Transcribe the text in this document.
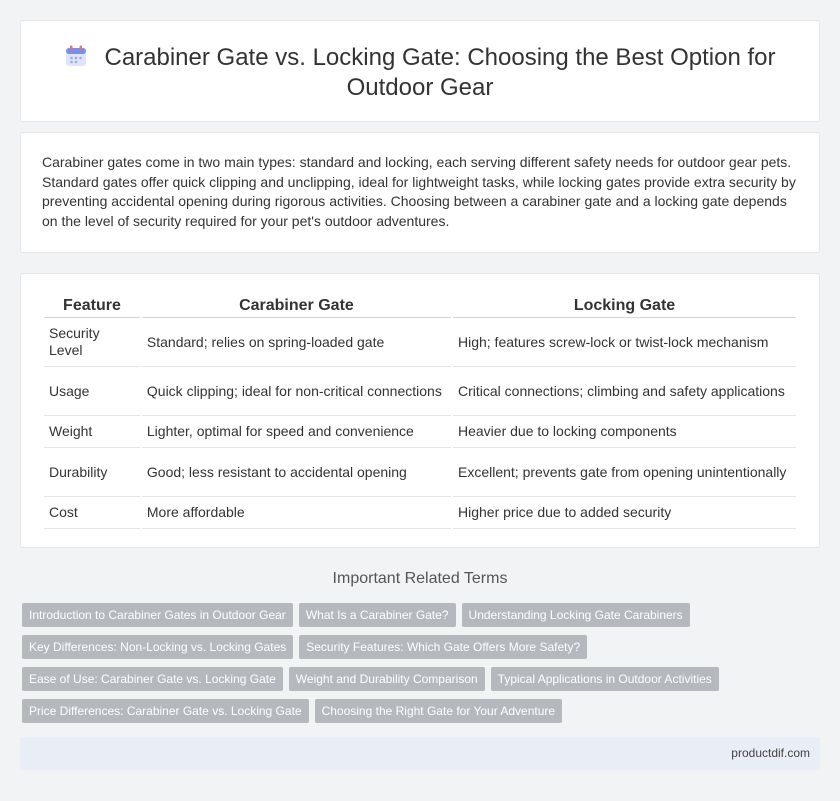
Carabiner Gate vs. Locking Gate: Choosing the Best Option for Outdoor Gear

Carabiner gates come in two main types: standard and locking, each serving different safety needs for outdoor gear pets. Standard gates offer quick clipping and unclipping, ideal for lightweight tasks, while locking gates provide extra security by preventing accidental opening during rigorous activities. Choosing between a carabiner gate and a locking gate depends on the level of security required for your pet's outdoor adventures.

Feature	Carabiner Gate	Locking Gate
Security Level	Standard; relies on spring-loaded gate	High; features screw-lock or twist-lock mechanism
Usage	Quick clipping; ideal for non-critical connections	Critical connections; climbing and safety applications
Weight	Lighter, optimal for speed and convenience	Heavier due to locking components
Durability	Good; less resistant to accidental opening	Excellent; prevents gate from opening unintentionally
Cost	More affordable	Higher price due to added security
Important Related Terms
Introduction to Carabiner Gates in Outdoor Gear	What Is a Carabiner Gate?	Understanding Locking Gate Carabiners
Key Differences: Non-Locking vs. Locking Gates	Security Features: Which Gate Offers More Safety?
Ease of Use: Carabiner Gate vs. Locking Gate	Weight and Durability Comparison	Typical Applications in Outdoor Activities
Price Differences: Carabiner Gate vs. Locking Gate	Choosing the Right Gate for Your Adventure
productdif.com
